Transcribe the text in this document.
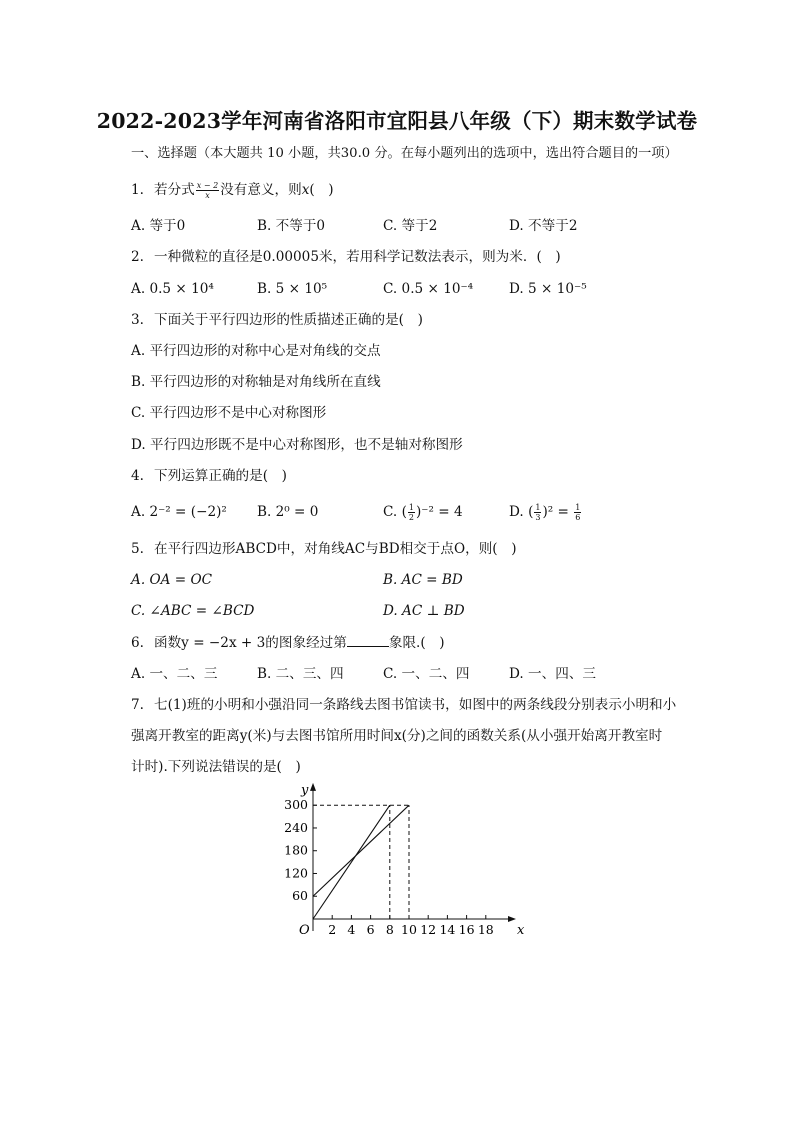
2022-2023学年河南省洛阳市宜阳县八年级（下）期末数学试卷
一、选择题（本大题共 10 小题，共30.0 分。在每小题列出的选项中，选出符合题目的一项）
1. 若分式 $\frac{x - 2}{x}$ 没有意义，则x(　)
A. 等于0	B. 不等于0	C. 等于2	D. 不等于2
2. 一种微粒的直径是0.00005米，若用科学记数法表示，则为米．(　)
A. 0.5 × 10⁴	B. 5 × 10⁵	C. 0.5 × 10⁻⁴	D. 5 × 10⁻⁵
3. 下面关于平行四边形的性质描述正确的是(　)
A. 平行四边形的对称中心是对角线的交点
B. 平行四边形的对称轴是对角线所在直线
C. 平行四边形不是中心对称图形
D. 平行四边形既不是中心对称图形，也不是轴对称图形
4. 下列运算正确的是(　)
A. 2⁻² = (−2)² B. 2⁰ = 0	C. ( $\frac{1}{2} )^{-2} = 4$	D. ( $\frac{1}{3} )^2 = \frac{1}{6}$
5. 在平行四边形ABCD中，对角线AC与BD相交于点O，则(　)
A. OA = OC	B. AC = BD
C. ∠ABC = ∠BCD	D. AC ⊥ BD
6. 函数y = −2x + 3的图象经过第	象限.(　)
A. 一、二、三	B. 二、三、四	C. 一、二、四	D. 一、四、三
7. 七(1)班的小明和小强沿同一条路线去图书馆读书，如图中的两条线段分别表示小明和小
强离开教室的距离y(米)与去图书馆所用时间x(分)之间的函数关系(从小强开始离开教室时
计时).下列说法错误的是(　)
x
y
O 2 4 6 8 10 12 14 16 18
60
120
180
240
300
